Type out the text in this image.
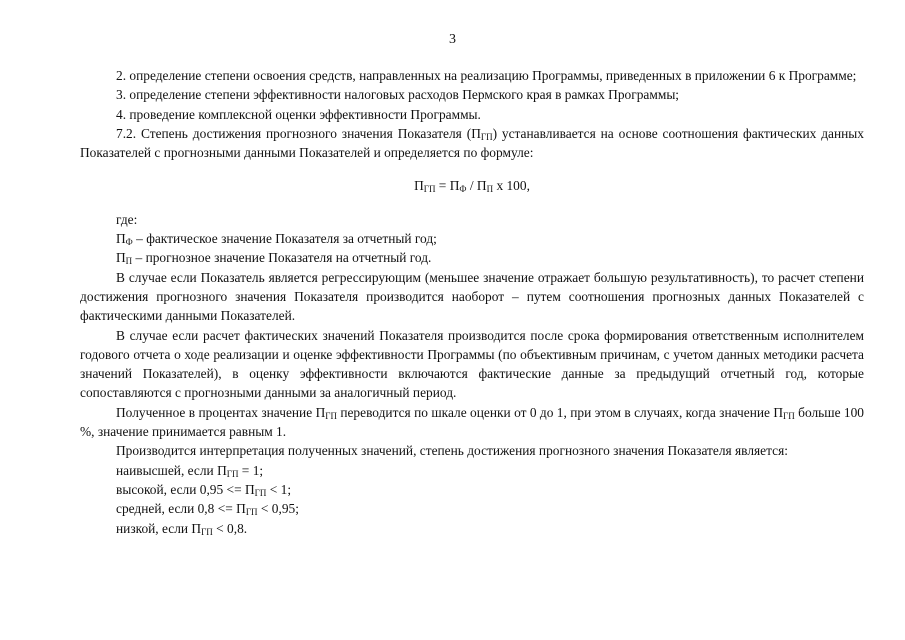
3

2. определение степени освоения средств, направленных на реализацию Программы, приведенных в приложении 6 к Программе;

3. определение степени эффективности налоговых расходов Пермского края в рамках Программы;

4. проведение комплексной оценки эффективности Программы.

7.2. Степень достижения прогнозного значения Показателя $(П_{ГП})$ устанавливается на основе соотношения фактических данных Показателей с прогнозными данными Показателей и определяется по формуле:

$П_{ГП} = П_Ф / П_П$ х 100,

где:

$П_Ф$ – фактическое значение Показателя за отчетный год;

$П_П$ – прогнозное значение Показателя на отчетный год.

В случае если Показатель является регрессирующим (меньшее значение отражает большую результативность), то расчет степени достижения прогнозного значения Показателя производится наоборот – путем соотношения прогнозных данных Показателей с фактическими данными Показателей.

В случае если расчет фактических значений Показателя производится после срока формирования ответственным исполнителем годового отчета о ходе реализации и оценке эффективности Программы (по объективным причинам, с учетом данных методики расчета значений Показателей), в оценку эффективности включаются фактические данные за предыдущий отчетный год, которые сопоставляются с прогнозными данными за аналогичный период.

Полученное в процентах значение $П_{ГП}$ переводится по шкале оценки от 0 до 1, при этом в случаях, когда значение $П_{ГП}$ больше 100 %, значение принимается равным 1.

Производится интерпретация полученных значений, степень достижения прогнозного значения Показателя является:

наивысшей, если $П_{ГП} = 1$;

высокой, если $0,95 <= П_{ГП} < 1$;

средней, если $0,8 <= П_{ГП} < 0,95$;

низкой, если $П_{ГП} < 0,8$.
